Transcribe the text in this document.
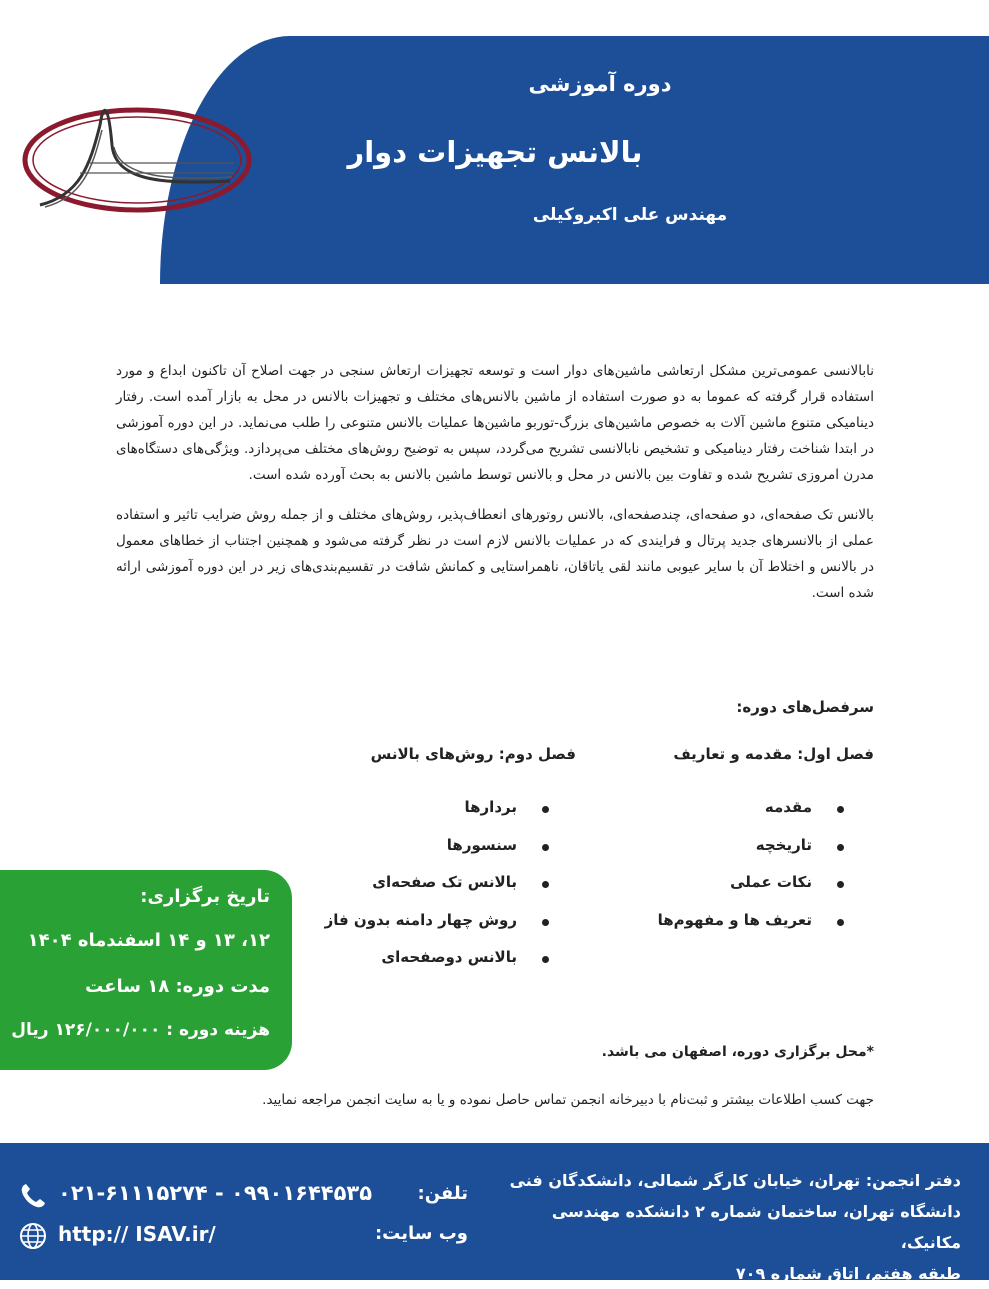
دوره آموزشی
بالانس تجهیزات دوار
مهندس علی اکبروکیلی

نابالانسی عمومی‌ترین مشکل ارتعاشی ماشین‌های دوار است و توسعه تجهیزات ارتعاش سنجی در جهت اصلاح آن تاکنون ابداع و مورد استفاده قرار گرفته که عموما به دو صورت استفاده از ماشین بالانس‌های مختلف و تجهیزات بالانس در محل به بازار آمده است. رفتار دینامیکی متنوع ماشین آلات به خصوص ماشین‌های بزرگ-توربو ماشین‌ها عملیات بالانس متنوعی را طلب می‌نماید. در این دوره آموزشی در ابتدا شناخت رفتار دینامیکی و تشخیص نابالانسی تشریح می‌گردد، سپس به توضیح روش‌های مختلف می‌پردازد. ویژگی‌های دستگاه‌های مدرن امروزی تشریح شده و تفاوت بین بالانس در محل و بالانس توسط ماشین بالانس به بحث آورده شده است.

بالانس تک صفحه‌ای، دو صفحه‌ای، چندصفحه‌ای، بالانس روتورهای انعطاف‌پذیر، روش‌های مختلف و از جمله روش ضرایب تاثیر و استفاده عملی از بالانسرهای جدید پرتال و فرایندی که در عملیات بالانس لازم است در نظر گرفته می‌شود و همچنین اجتناب از خطاهای معمول در بالانس و اختلاط آن با سایر عیوبی مانند لقی یاتاقان، ناهمراستایی و کمانش شافت در تقسیم‌بندی‌های زیر در این دوره آموزشی ارائه شده است.

سرفصل‌های دوره:
فصل اول: مقدمه و تعاریف
فصل دوم: روش‌های بالانس
مقدمه
تاریخچه
نکات عملی
تعریف ها و مفهوم‌ها
بردارها
سنسورها
بالانس تک صفحه‌ای
روش چهار دامنه بدون فاز
بالانس دوصفحه‌ای
تاریخ برگزاری:
۱۲، ۱۳ و ۱۴ اسفندماه ۱۴۰۴
مدت دوره: ۱۸ ساعت
هزینه دوره : ۱۲۶/۰۰۰/۰۰۰ ریال
*محل برگزاری دوره، اصفهان می باشد.
جهت کسب اطلاعات بیشتر و ثبت‌نام با دبیرخانه انجمن تماس حاصل نموده و یا به سایت انجمن مراجعه نمایید.
دفتر انجمن: تهران، خیابان کارگر شمالی، دانشکدگان فنی
دانشگاه تهران، ساختمان شماره ۲ دانشکده مهندسی مکانیک،
طبقه هفتم، اتاق شماره ۷۰۹
تلفن:
وب سایت:
۰۲۱-۶۱۱۱۵۲۷۴ - ۰۹۹۰۱۶۴۴۵۳۵
http:// ISAV.ir/
